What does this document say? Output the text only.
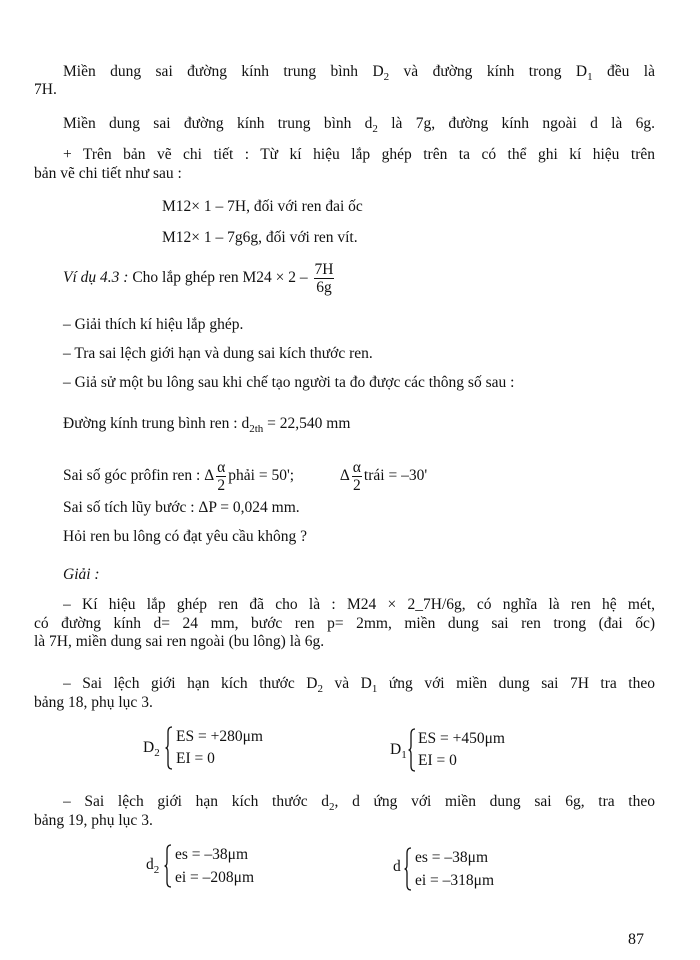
Miền dung sai đường kính trung bình $D_2$ và đường kính trong $D_1$ đều là
7H.
Miền dung sai đường kính trung bình $d_2$ là 7g, đường kính ngoài d là 6g.
+ Trên bản vẽ chi tiết : Từ kí hiệu lắp ghép trên ta có thể ghi kí hiệu trên
bản vẽ chi tiết như sau :
M12× 1 – 7H, đối với ren đai ốc
M12× 1 – 7g6g, đối với ren vít.
– Giải thích kí hiệu lắp ghép.
– Tra sai lệch giới hạn và dung sai kích thước ren.
– Giả sử một bu lông sau khi chế tạo người ta đo được các thông số sau :
Đường kính trung bình ren : $d_{2th} = 22,540$ mm
Sai số tích lũy bước : ΔP = 0,024 mm.
Hỏi ren bu lông có đạt yêu cầu không ?
Giải :
– Kí hiệu lắp ghép ren đã cho là : M24 × 2_7H/6g, có nghĩa là ren hệ mét,
có đường kính d= 24 mm, bước ren p= 2mm, miền dung sai ren trong (đai ốc)
là 7H, miền dung sai ren ngoài (bu lông) là 6g.
– Sai lệch giới hạn kích thước $D_2$ và $D_1$ ứng với miền dung sai 7H tra theo
bảng 18, phụ lục 3.
– Sai lệch giới hạn kích thước $d_2$, d ứng với miền dung sai 6g, tra theo
bảng 19, phụ lục 3.
Ví dụ 4.3 : Cho lắp ghép ren $M24 \times 2 - \frac{7H}{6g}$
Sai số góc prôfin ren : Δ $\frac{\alpha}{2}$ phải = 50';	Δ $\frac{\alpha}{2}$ trái = –30'
$D_2$
ES = +280μm
EI = 0
$D_1$
ES = +450μm
EI = 0
$d_2$
es = –38μm
ei = –208μm
d
es = –38μm
ei = –318μm
87
